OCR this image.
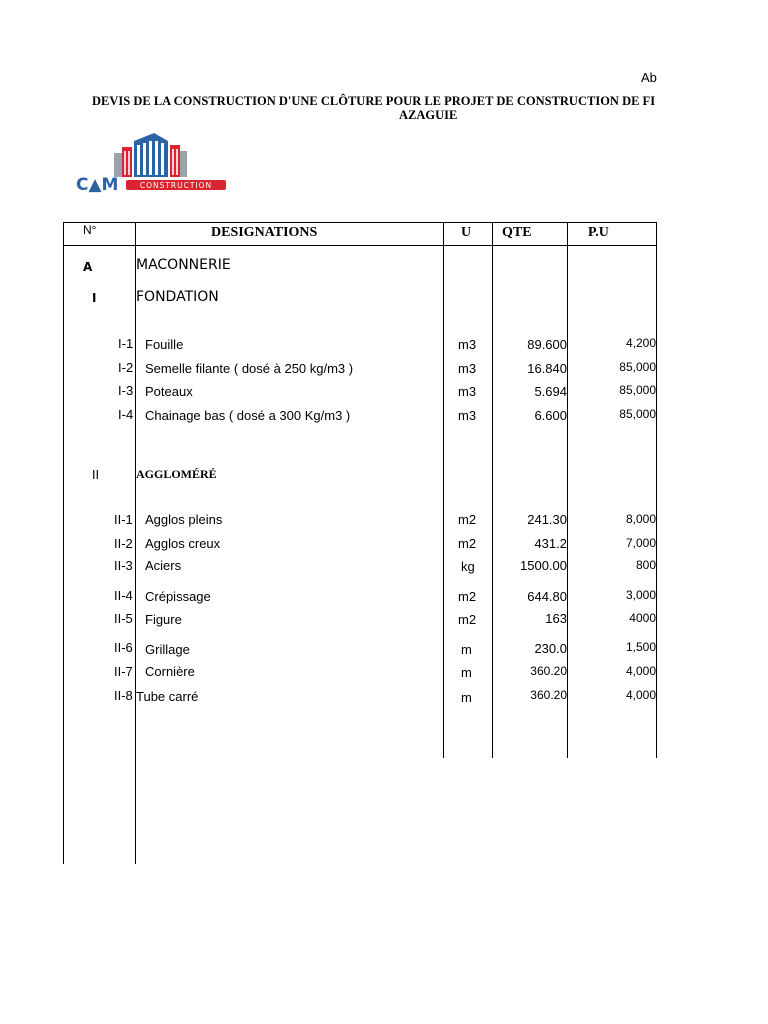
Ab
DEVIS DE LA CONSTRUCTION D'UNE CLÔTURE POUR LE PROJET DE CONSTRUCTION DE FI
AZAGUIE
C▲M	CONSTRUCTION
N°	DESIGNATIONS	U QTE	P.U
A	MACONNERIE
I	FONDATION
I-1 Fouille	m3	89.600	4,200
I-2 Semelle filante ( dosé à 250 kg/m3 )	m3	16.840	85,000
I-3 Poteaux	m3	5.694	85,000
I-4 Chainage bas ( dosé a 300 Kg/m3 )	m3	6.600	85,000
II	AGGLOMÉRÉ
II-1 Agglos pleins	m2	241.30	8,000
II-2 Agglos creux	m2	431.2	7,000
II-3 Aciers	kg	1500.00	800
II-4 Crépissage	m2	644.80	3,000
II-5 Figure	m2	163	4000
II-6 Grillage	m	230.0	1,500
II-7 Cornière	m	360.20	4,000
II-8 Tube carré	m	360.20	4,000
